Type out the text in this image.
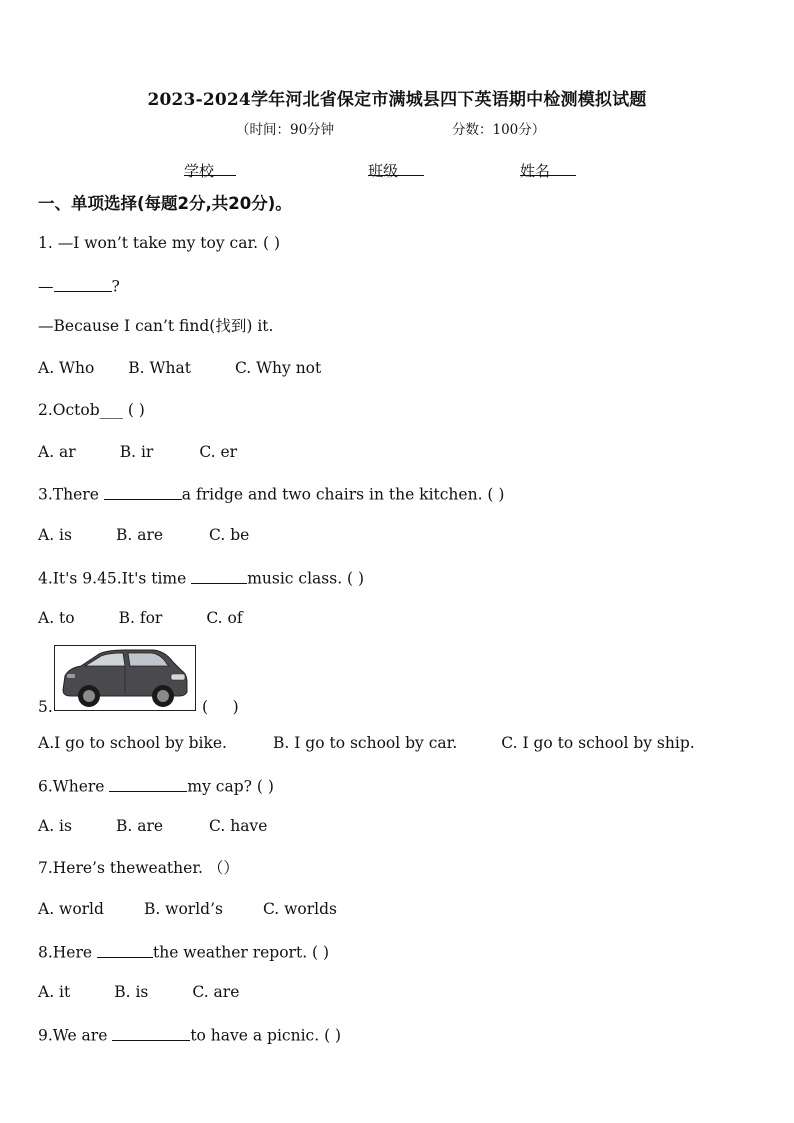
2023-2024学年河北省保定市满城县四下英语期中检测模拟试题
（时间：90分钟	分数：100分）
学校	班级	姓名
一、单项选择(每题2分,共20分)。
1. —I won’t take my toy car. ( )
—	?
—Because I can’t find(找到) it.
A. Who B. What	C. Why not
2.Octob___ ( )
A. ar	B. ir	C. er
3.There	a fridge and two chairs in the kitchen. ( )
A. is	B. are	C. be
4.It's 9.45.It's time	music class. ( )
A. to	B. for	C. of
5.	(     )
A.I go to school by bike.	B. I go to school by car.	C. I go to school by ship.
6.Where	my cap? ( )
A. is	B. are	C. have
7.Here’s theweather. （）
A. world	B. world’s	C. worlds
8.Here	the weather report. ( )
A. it	B. is	C. are
9.We are	to have a picnic. ( )
